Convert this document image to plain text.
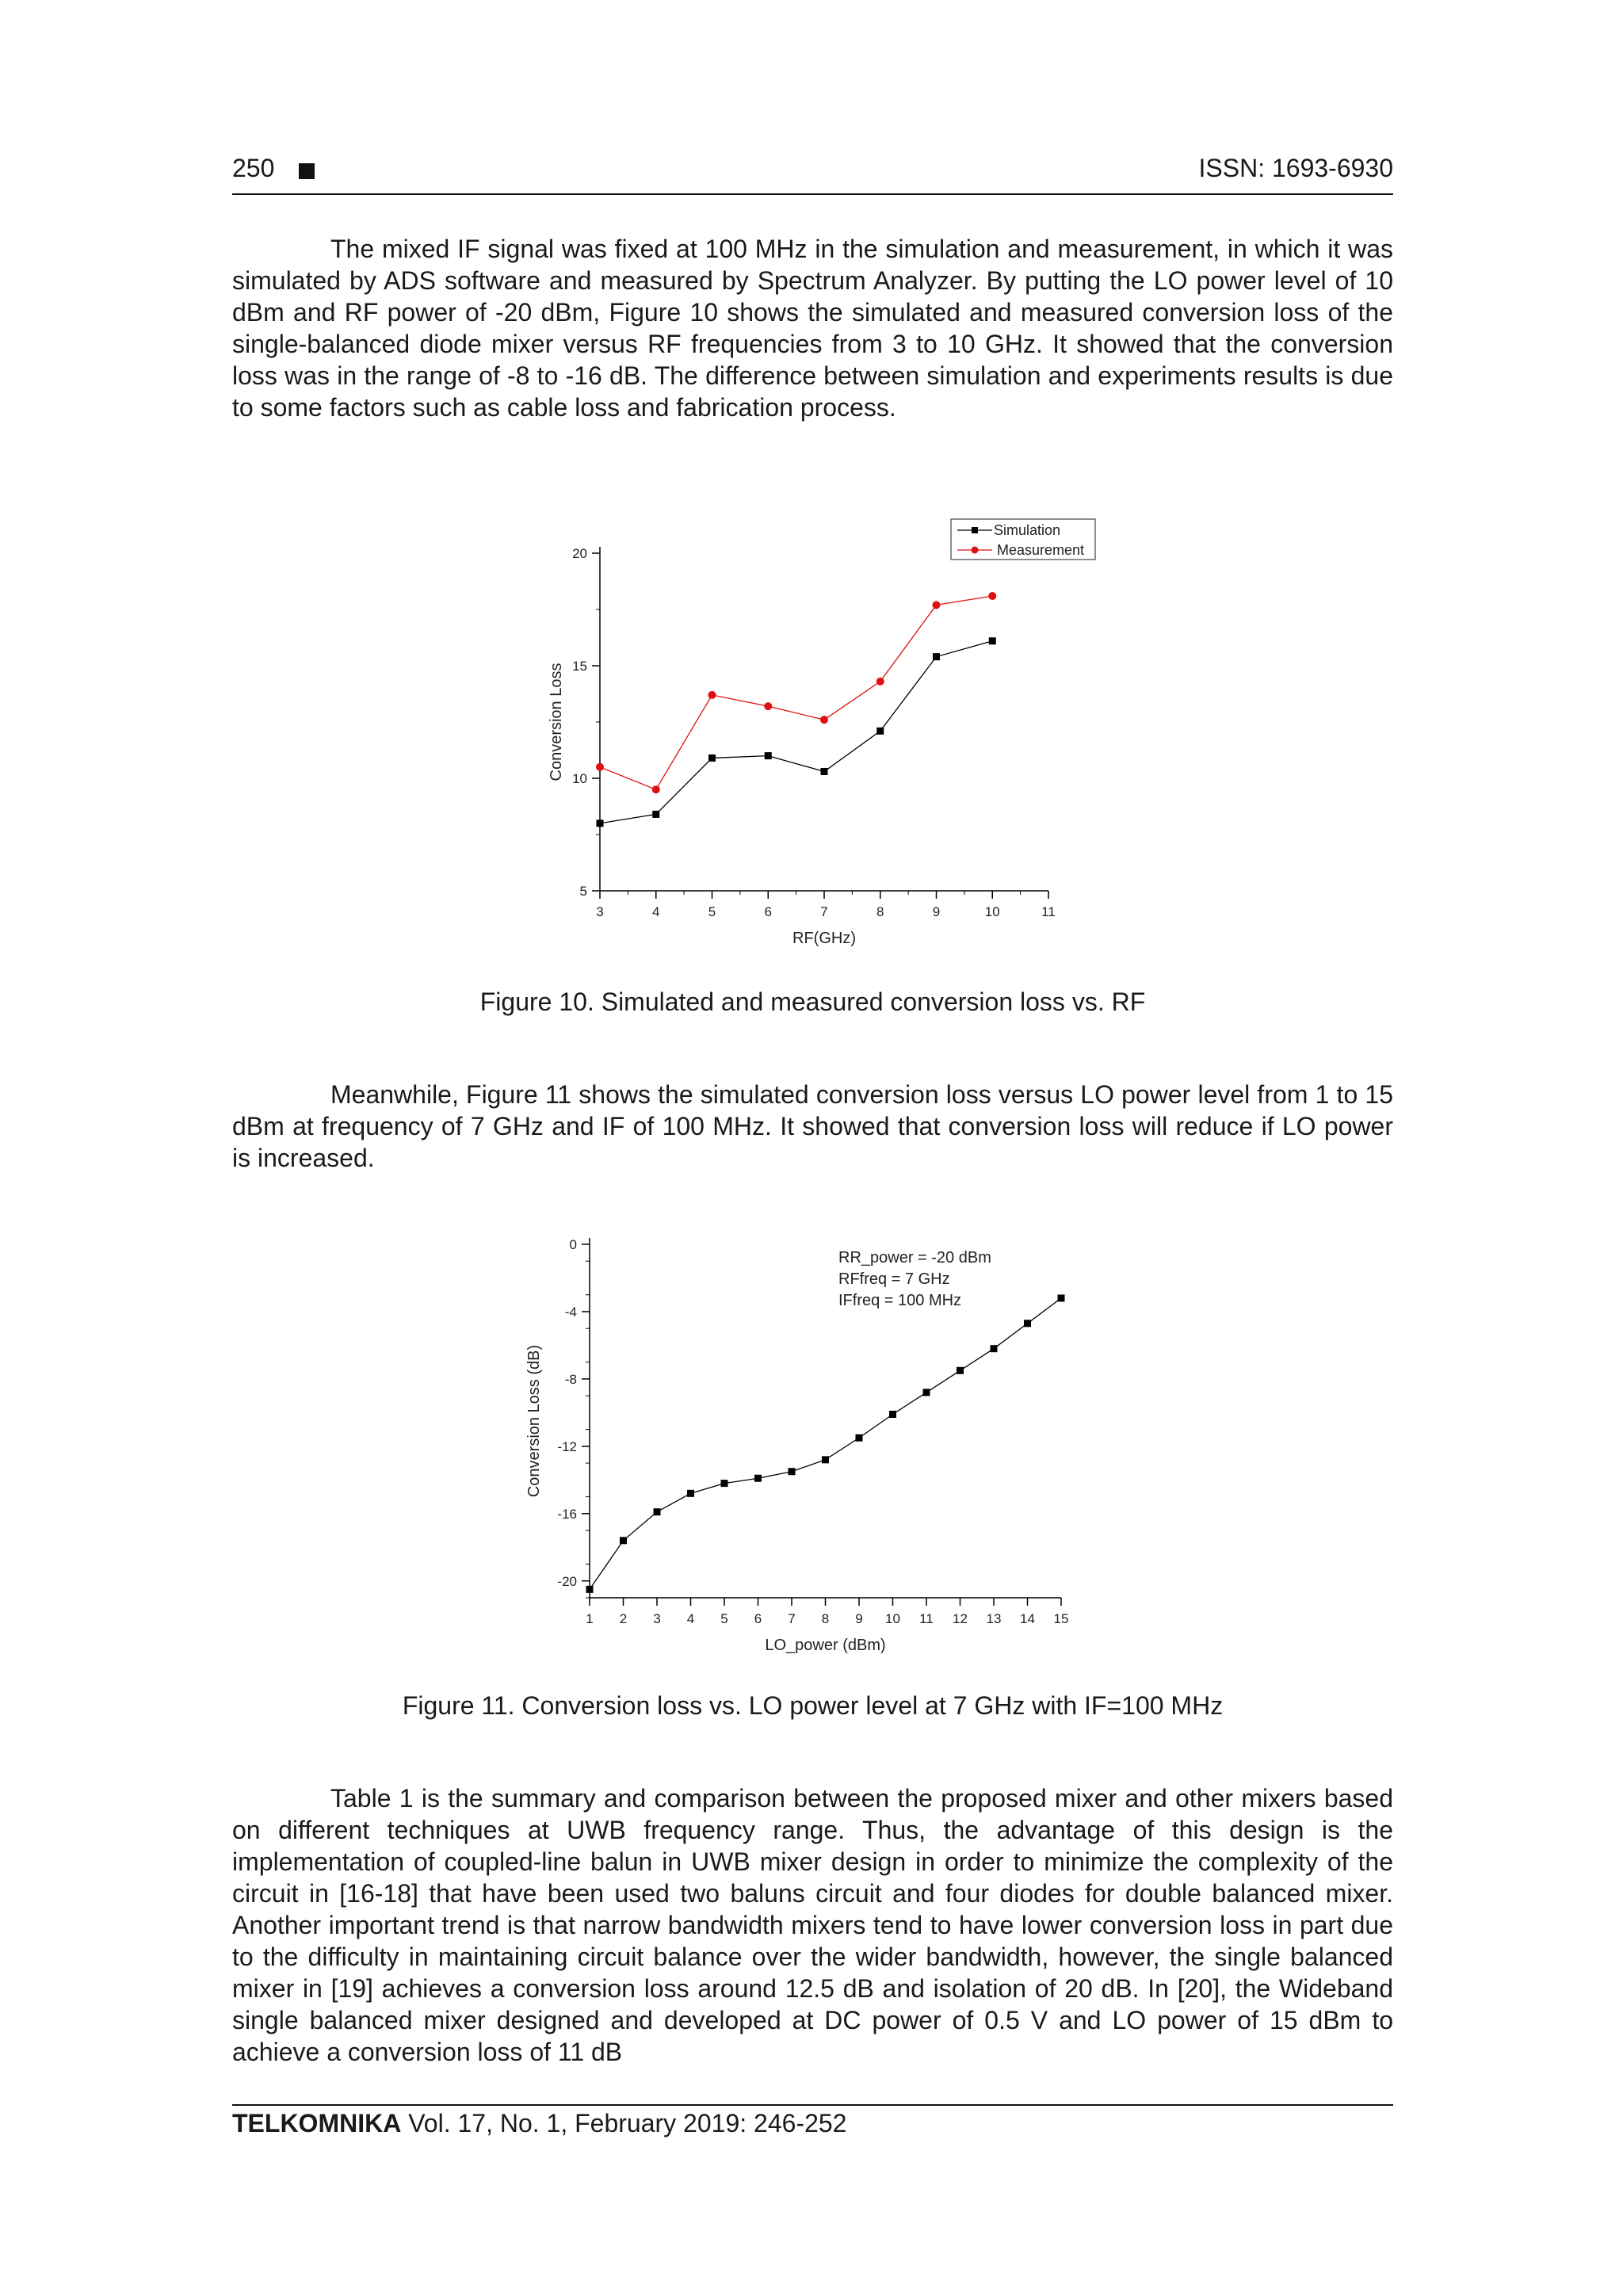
250	ISSN: 1693-6930

The mixed IF signal was fixed at 100 MHz in the simulation and measurement, in which it was simulated by ADS software and measured by Spectrum Analyzer. By putting the LO power level of 10 dBm and RF power of -20 dBm, Figure 10 shows the simulated and measured conversion loss of the single-balanced diode mixer versus RF frequencies from 3 to 10 GHz. It showed that the conversion loss was in the range of -8 to -16 dB. The difference between simulation and experiments results is due to some factors such as cable loss and fabrication process.

3	4	5	6	7	8	9	10	11
5
10
15
20
RF(GHz)
Conversion Loss
Simulation
Measurement

Figure 10. Simulated and measured conversion loss vs. RF

Meanwhile, Figure 11 shows the simulated conversion loss versus LO power level from 1 to 15 dBm at frequency of 7 GHz and IF of 100 MHz. It showed that conversion loss will reduce if LO power is increased.

1 2 3 4 5 6 7 8 9 10 11 12 13 14 15
0
-4
-8
-12
-16
-20
LO_power (dBm)
Conversion Loss (dB)
RR_power = -20 dBm
RFfreq = 7 GHz
IFfreq = 100 MHz

Figure 11. Conversion loss vs. LO power level at 7 GHz with IF=100 MHz

Table 1 is the summary and comparison between the proposed mixer and other mixers based on different techniques at UWB frequency range. Thus, the advantage of this design is the implementation of coupled-line balun in UWB mixer design in order to minimize the complexity of the circuit in [16-18] that have been used two baluns circuit and four diodes for double balanced mixer. Another important trend is that narrow bandwidth mixers tend to have lower conversion loss in part due to the difficulty in maintaining circuit balance over the wider bandwidth, however, the single balanced mixer in [19] achieves a conversion loss around 12.5 dB and isolation of 20 dB. In [20], the Wideband single balanced mixer designed and developed at DC power of 0.5 V and LO power of 15 dBm to achieve a conversion loss of 11 dB

TELKOMNIKA Vol. 17, No. 1, February 2019: 246-252
